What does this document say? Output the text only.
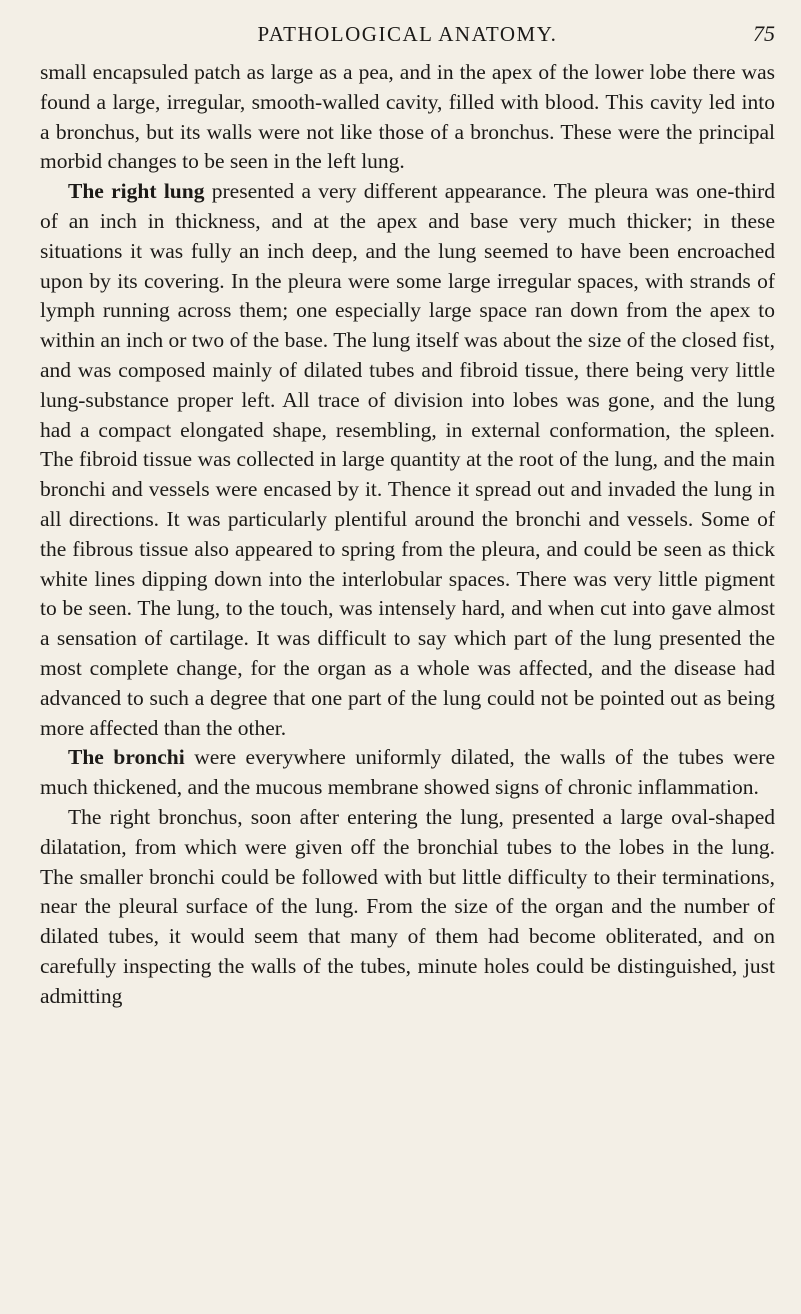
PATHOLOGICAL ANATOMY.	75

small encapsuled patch as large as a pea, and in the apex of the lower lobe there was found a large, irregular, smooth-walled cavity, filled with blood. This cavity led into a bronchus, but its walls were not like those of a bronchus. These were the principal morbid changes to be seen in the left lung.

The right lung presented a very different appearance. The pleura was one-third of an inch in thickness, and at the apex and base very much thicker; in these situations it was fully an inch deep, and the lung seemed to have been encroached upon by its covering. In the pleura were some large irregular spaces, with strands of lymph running across them; one especially large space ran down from the apex to within an inch or two of the base. The lung itself was about the size of the closed fist, and was composed mainly of dilated tubes and fibroid tissue, there being very little lung-substance proper left. All trace of division into lobes was gone, and the lung had a compact elongated shape, resembling, in external conformation, the spleen. The fibroid tissue was collected in large quantity at the root of the lung, and the main bronchi and vessels were encased by it. Thence it spread out and invaded the lung in all directions. It was particularly plentiful around the bronchi and vessels. Some of the fibrous tissue also appeared to spring from the pleura, and could be seen as thick white lines dipping down into the interlobular spaces. There was very little pigment to be seen. The lung, to the touch, was intensely hard, and when cut into gave almost a sensation of cartilage. It was difficult to say which part of the lung presented the most complete change, for the organ as a whole was affected, and the disease had advanced to such a degree that one part of the lung could not be pointed out as being more affected than the other.

The bronchi were everywhere uniformly dilated, the walls of the tubes were much thickened, and the mucous membrane showed signs of chronic inflammation.

The right bronchus, soon after entering the lung, presented a large oval-shaped dilatation, from which were given off the bronchial tubes to the lobes in the lung. The smaller bronchi could be followed with but little difficulty to their terminations, near the pleural surface of the lung. From the size of the organ and the number of dilated tubes, it would seem that many of them had become obliterated, and on carefully inspecting the walls of the tubes, minute holes could be distinguished, just admitting
